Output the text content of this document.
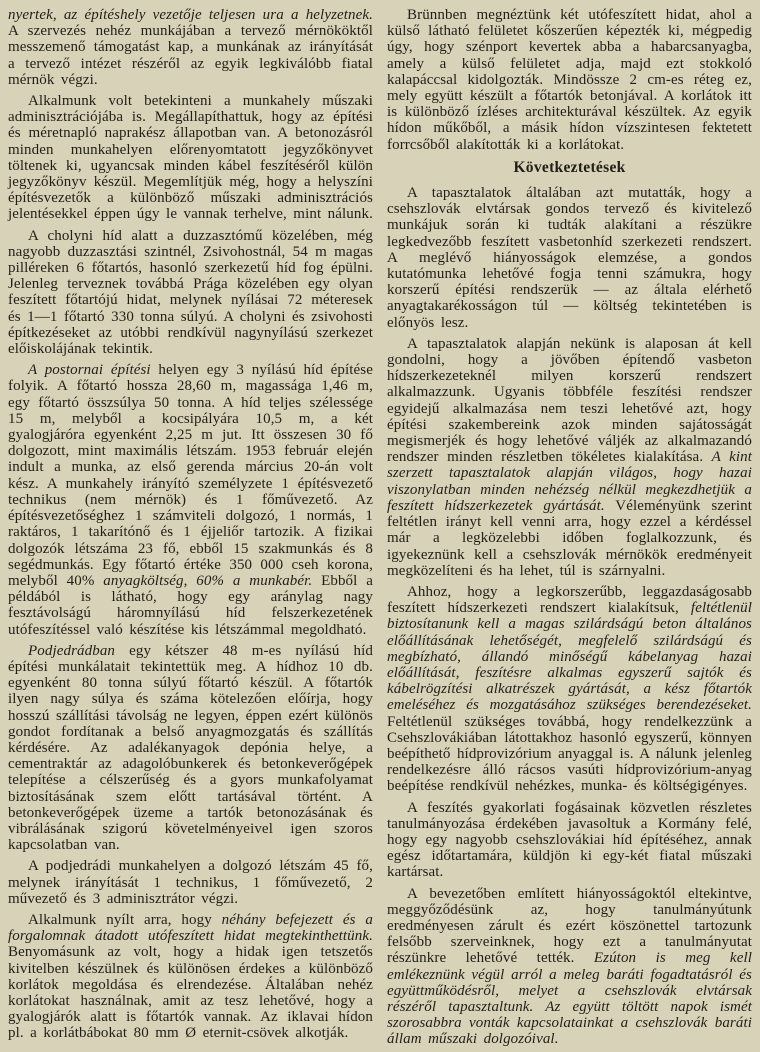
nyertek, az építéshely vezetője teljesen ura a helyzetnek. A szervezés nehéz munkájában a tervező mérnököktől messzemenő támogatást kap, a munkának az irányítását a tervező intézet részéről az egyik legkiválóbb fiatal mérnök végzi.

Alkalmunk volt betekinteni a munkahely műszaki adminisztrációjába is. Megállapíthattuk, hogy az építési és méretnapló naprakész állapotban van. A betonozásról minden munkahelyen előrenyomtatott jegyzőkönyvet töltenek ki, ugyancsak minden kábel feszítéséről külön jegyzőkönyv készül. Megemlítjük még, hogy a helyszíni építésvezetők a különböző műszaki adminisztrációs jelentésekkel éppen úgy le vannak terhelve, mint nálunk.

A cholyni híd alatt a duzzasztómű közelében, még nagyobb duzzasztási szintnél, Zsivohostnál, 54 m magas pilléreken 6 főtartós, hasonló szerkezetű híd fog épülni. Jelenleg terveznek továbbá Prága közelében egy olyan feszített főtartójú hidat, melynek nyílásai 72 méteresek és 1—1 főtartó 330 tonna súlyú. A cholyni és zsivohosti építkezéseket az utóbbi rendkívül nagynyílású szerkezet előiskolájának tekintik.

A postornai építési helyen egy 3 nyílású híd építése folyik. A főtartó hossza 28,60 m, magassága 1,46 m, egy főtartó összsúlya 50 tonna. A híd teljes szélessége 15 m, melyből a kocsipályára 10,5 m, a két gyalogjáróra egyenként 2,25 m jut. Itt összesen 30 fő dolgozott, mint maximális létszám. 1953 február elején indult a munka, az első gerenda március 20-án volt kész. A munkahely irányító személyzete 1 építésvezető technikus (nem mérnök) és 1 főművezető. Az építésvezetőséghez 1 számviteli dolgozó, 1 normás, 1 raktáros, 1 takarítónő és 1 éjjeliőr tartozik. A fizikai dolgozók létszáma 23 fő, ebből 15 szakmunkás és 8 segédmunkás. Egy főtartó értéke 350 000 cseh korona, melyből 40% anyagköltség, 60% a munkabér. Ebből a példából is látható, hogy egy aránylag nagy fesztávolságú háromnyílású híd felszerkezetének utófeszítéssel való készítése kis létszámmal megoldható.

Podjedrádban egy kétszer 48 m-es nyílású híd építési munkálatait tekintettük meg. A hídhoz 10 db. egyenként 80 tonna súlyú főtartó készül. A főtartók ilyen nagy súlya és száma kötelezően előírja, hogy hosszú szállítási távolság ne legyen, éppen ezért különös gondot fordítanak a belső anyagmozgatás és szállítás kérdésére. Az adalékanyagok depónia helye, a cementraktár az adagolóbunkerek és betonkeverőgépek telepítése a célszerűség és a gyors munkafolyamat biztosításának szem előtt tartásával történt. A betonkeverőgépek üzeme a tartók betonozásának és vibrálásának szigorú követelményeivel igen szoros kapcsolatban van.

A podjedrádi munkahelyen a dolgozó létszám 45 fő, melynek irányítását 1 technikus, 1 főművezető, 2 művezető és 3 adminisztrátor végzi.

Alkalmunk nyílt arra, hogy néhány befejezett és a forgalomnak átadott utófeszített hidat megtekinthettünk. Benyomásunk az volt, hogy a hidak igen tetszetős kivitelben készülnek és különösen érdekes a különböző korlátok megoldása és elrendezése. Általában nehéz korlátokat használnak, amit az tesz lehetővé, hogy a gyalogjárók alatt is főtartók vannak. Az iklavai hídon pl. a korlátbábokat 80 mm Ø eternit-csövek alkotják.

Brünnben megnéztünk két utófeszített hidat, ahol a külső látható felületet kőszerűen képezték ki, mégpedig úgy, hogy szénport kevertek abba a habarcsanyagba, amely a külső felületet adja, majd ezt stokkoló kalapáccsal kidolgozták. Mindössze 2 cm-es réteg ez, mely együtt készült a főtartók betonjával. A korlátok itt is különböző ízléses architekturával készültek. Az egyik hídon műkőből, a másik hídon vízszintesen fektetett forrcsőből alakították ki a korlátokat.

Következtetések

A tapasztalatok általában azt mutatták, hogy a csehszlovák elvtársak gondos tervező és kivitelező munkájuk során ki tudták alakítani a részükre legkedvezőbb feszített vasbetonhíd szerkezeti rendszert. A meglévő hiányosságok elemzése, a gondos kutatómunka lehetővé fogja tenni számukra, hogy korszerű építési rendszerük — az általa elérhető anyagtakarékosságon túl — költség tekintetében is előnyös lesz.

A tapasztalatok alapján nekünk is alaposan át kell gondolni, hogy a jövőben építendő vasbeton hídszerkezeteknél milyen korszerű rendszert alkalmazzunk. Ugyanis többféle feszítési rendszer egyidejű alkalmazása nem teszi lehetővé azt, hogy építési szakembereink azok minden sajátosságát megismerjék és hogy lehetővé váljék az alkalmazandó rendszer minden részletben tökéletes kialakítása. A kint szerzett tapasztalatok alapján világos, hogy hazai viszonylatban minden nehézség nélkül megkezdhetjük a feszített hídszerkezetek gyártását. Véleményünk szerint feltétlen irányt kell venni arra, hogy ezzel a kérdéssel már a legközelebbi időben foglalkozzunk, és igyekeznünk kell a csehszlovák mérnökök eredményeit megközelíteni és ha lehet, túl is szárnyalni.

Ahhoz, hogy a legkorszerűbb, leggazdaságosabb feszített hídszerkezeti rendszert kialakítsuk, feltétlenül biztosítanunk kell a magas szilárdságú beton általános előállításának lehetőségét, megfelelő szilárdságú és megbízható, állandó minőségű kábelanyag hazai előállítását, feszítésre alkalmas egyszerű sajtók és kábelrögzítési alkatrészek gyártását, a kész főtartók emeléséhez és mozgatásához szükséges berendezéseket. Feltétlenül szükséges továbbá, hogy rendelkezzünk a Csehszlovákiában látottakhoz hasonló egyszerű, könnyen beépíthető hídprovizórium anyaggal is. A nálunk jelenleg rendelkezésre álló rácsos vasúti hídprovizórium-anyag beépítése rendkívül nehézkes, munka- és költségigényes.

A feszítés gyakorlati fogásainak közvetlen részletes tanulmányozása érdekében javasoltuk a Kormány felé, hogy egy nagyobb csehszlovákiai híd építéséhez, annak egész időtartamára, küldjön ki egy-két fiatal műszaki kartársat.

A bevezetőben említett hiányosságoktól eltekintve, meggyőződésünk az, hogy tanulmányútunk eredményesen zárult és ezért köszönettel tartozunk felsőbb szerveinknek, hogy ezt a tanulmányutat részünkre lehetővé tették. Ezúton is meg kell emlékeznünk végül arról a meleg baráti fogadtatásról és együttműködésről, melyet a csehszlovák elvtársak részéről tapasztaltunk. Az együtt töltött napok ismét szorosabbra vonták kapcsolatainkat a csehszlovák baráti állam műszaki dolgozóival.
